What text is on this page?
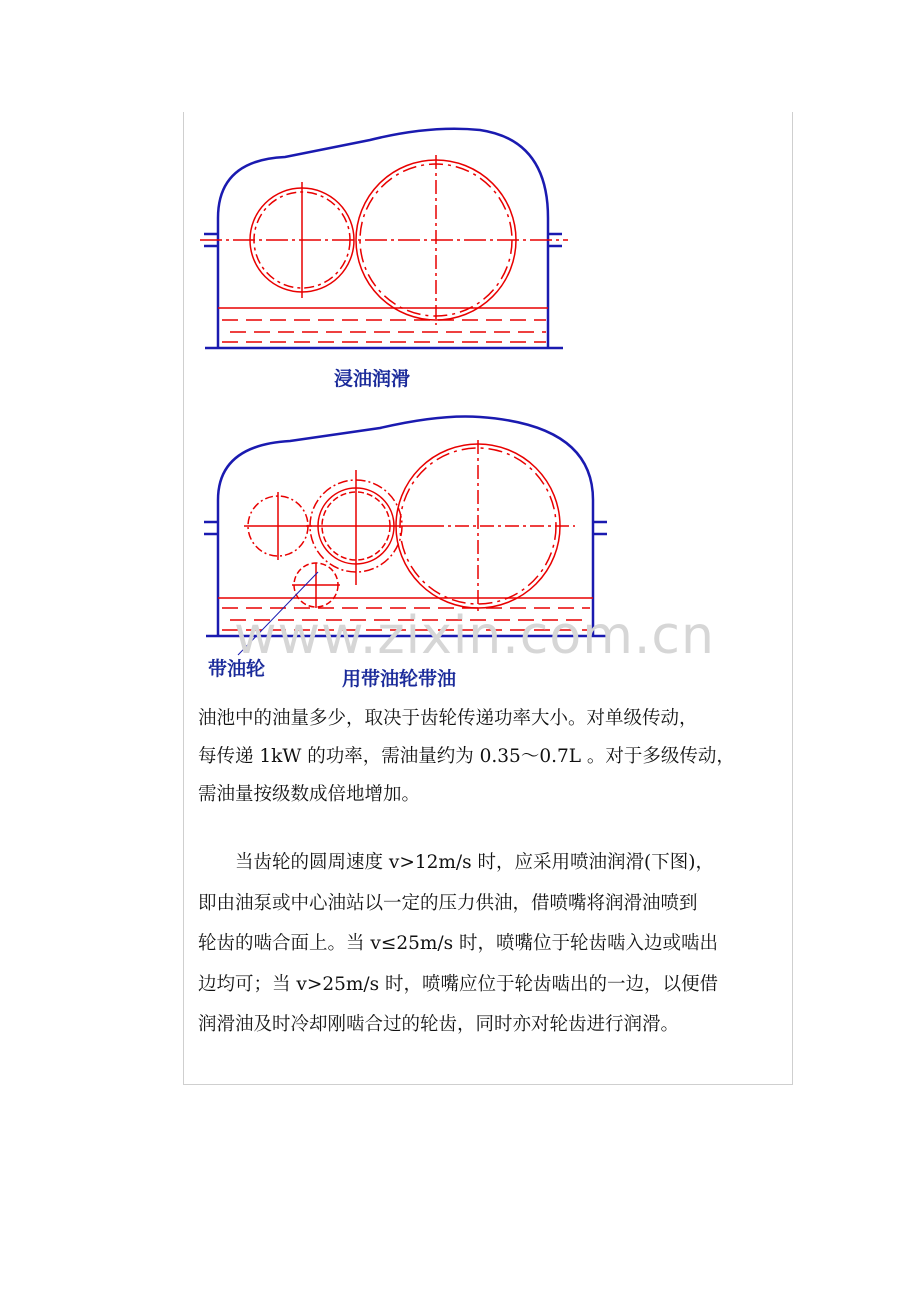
www.zixin.com.cn
浸油润滑
带油轮	用带油轮带油
油池中的油量多少，取决于齿轮传递功率大小。对单级传动，
每传递 1kW 的功率，需油量约为 0.35～0.7L 。对于多级传动，
需油量按级数成倍地增加。
　　当齿轮的圆周速度 v>12m/s 时，应采用喷油润滑(下图)，
即由油泵或中心油站以一定的压力供油，借喷嘴将润滑油喷到
轮齿的啮合面上。当 v≤25m/s 时，喷嘴位于轮齿啮入边或啮出
边均可；当 v>25m/s 时，喷嘴应位于轮齿啮出的一边，以便借
润滑油及时冷却刚啮合过的轮齿，同时亦对轮齿进行润滑。
